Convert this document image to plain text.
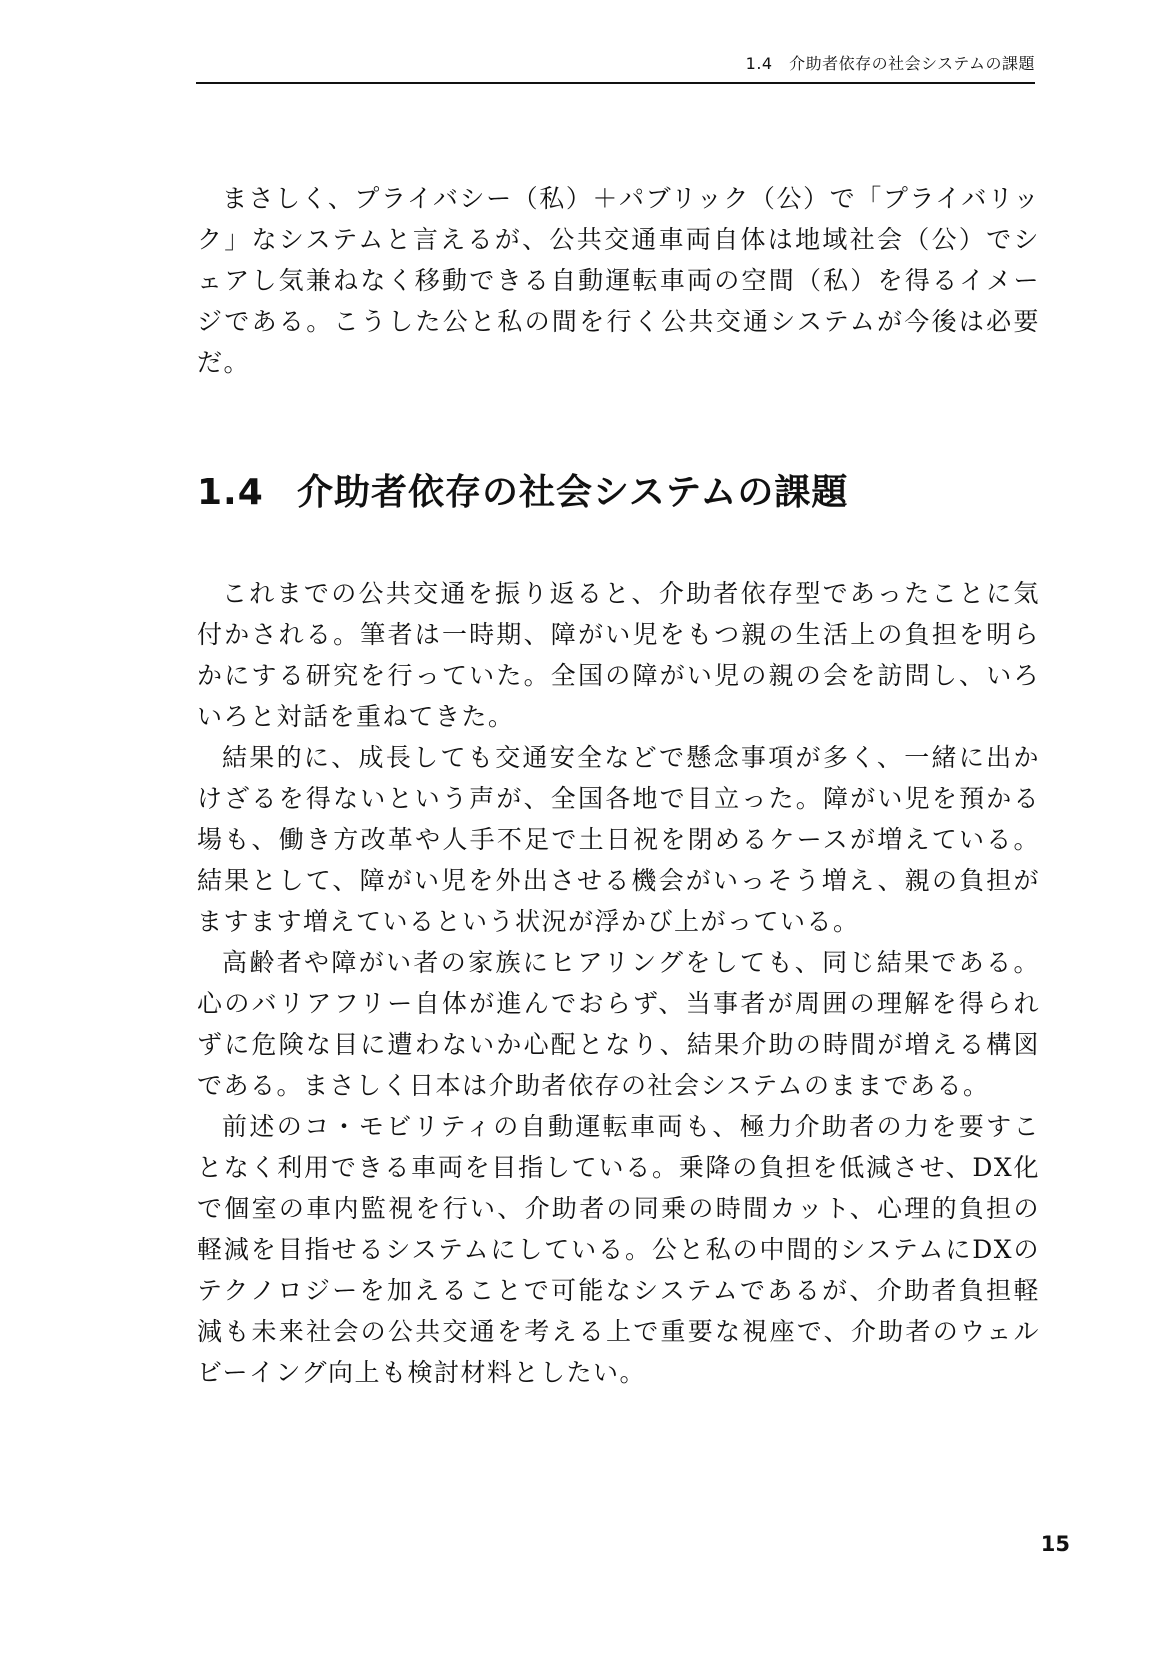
1.4　介助者依存の社会システムの課題

まさしく、プライバシー（私）＋パブリック（公）で「プライバリック」なシステムと言えるが、公共交通車両自体は地域社会（公）でシェアし気兼ねなく移動できる自動運転車両の空間（私）を得るイメージである。こうした公と私の間を行く公共交通システムが今後は必要だ。

1.4 介助者依存の社会システムの課題

これまでの公共交通を振り返ると、介助者依存型であったことに気付かされる。筆者は一時期、障がい児をもつ親の生活上の負担を明らかにする研究を行っていた。全国の障がい児の親の会を訪問し、いろいろと対話を重ねてきた。

結果的に、成長しても交通安全などで懸念事項が多く、一緒に出かけざるを得ないという声が、全国各地で目立った。障がい児を預かる場も、働き方改革や人手不足で土日祝を閉めるケースが増えている。結果として、障がい児を外出させる機会がいっそう増え、親の負担がますます増えているという状況が浮かび上がっている。

高齢者や障がい者の家族にヒアリングをしても、同じ結果である。心のバリアフリー自体が進んでおらず、当事者が周囲の理解を得られずに危険な目に遭わないか心配となり、結果介助の時間が増える構図である。まさしく日本は介助者依存の社会システムのままである。

前述のコ・モビリティの自動運転車両も、極力介助者の力を要すことなく利用できる車両を目指している。乗降の負担を低減させ、DX化で個室の車内監視を行い、介助者の同乗の時間カット、心理的負担の軽減を目指せるシステムにしている。公と私の中間的システムにDXのテクノロジーを加えることで可能なシステムであるが、介助者負担軽減も未来社会の公共交通を考える上で重要な視座で、介助者のウェルビーイング向上も検討材料としたい。

15
